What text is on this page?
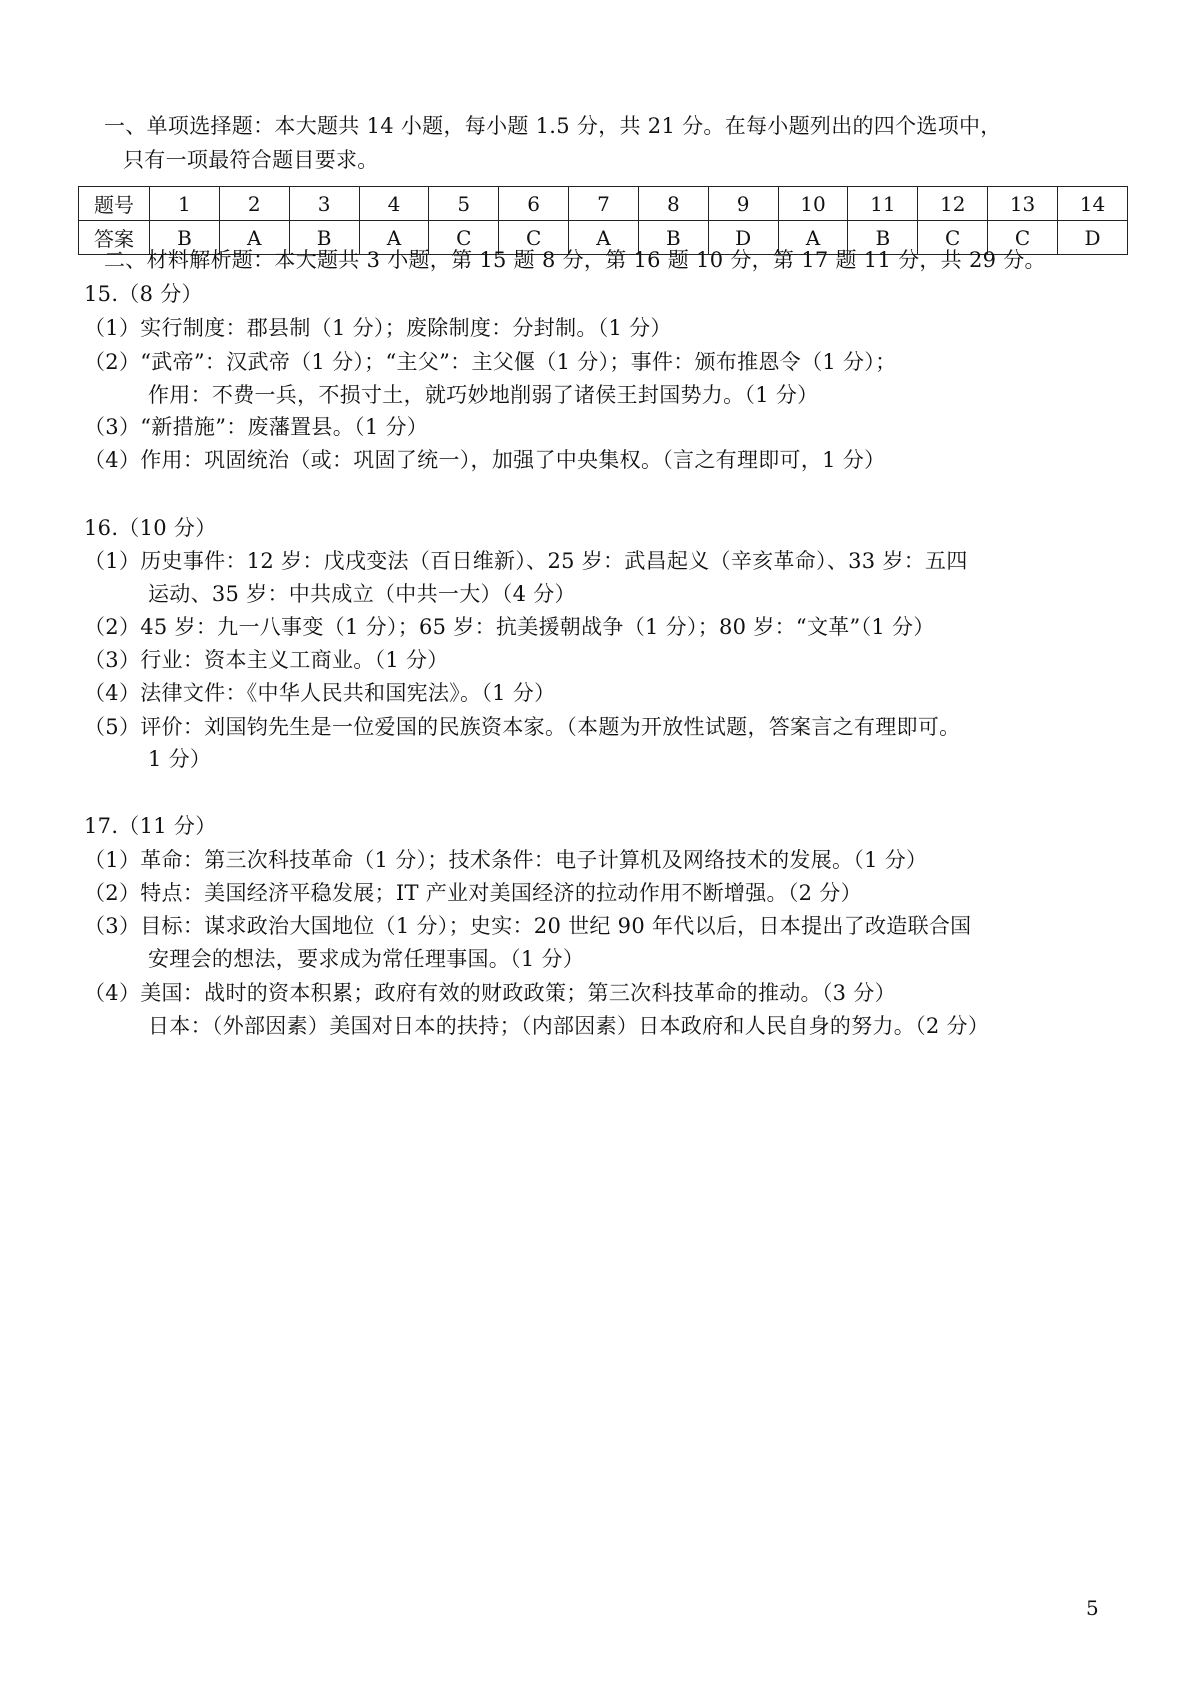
一、单项选择题：本大题共 14 小题，每小题 1.5 分，共 21 分。在每小题列出的四个选项中，
只有一项最符合题目要求。
题号	1	2	3	4	5	6	7	8	9	10	11	12	13	14
答案	B	A	B	A	C	C	A	B	D	A	B	C	C	D
二、材料解析题：本大题共 3 小题，第 15 题 8 分，第 16 题 10 分，第 17 题 11 分，共 29 分。
15.（8 分）
（1）实行制度：郡县制（1 分）；废除制度：分封制。（1 分）
（2）“武帝”：汉武帝（1 分）；“主父”：主父偃（1 分）；事件：颁布推恩令（1 分）；
作用：不费一兵，不损寸土，就巧妙地削弱了诸侯王封国势力。（1 分）
（3）“新措施”：废藩置县。（1 分）
（4）作用：巩固统治（或：巩固了统一），加强了中央集权。（言之有理即可，1 分）
16.（10 分）
（1）历史事件：12 岁：戊戌变法（百日维新）、25 岁：武昌起义（辛亥革命）、33 岁：五四
运动、35 岁：中共成立（中共一大）（4 分）
（2）45 岁：九一八事变（1 分）；65 岁：抗美援朝战争（1 分）；80 岁：“文革”（1 分）
（3）行业：资本主义工商业。（1 分）
（4）法律文件：《中华人民共和国宪法》。（1 分）
（5）评价：刘国钧先生是一位爱国的民族资本家。（本题为开放性试题，答案言之有理即可。
1 分）
17.（11 分）
（1）革命：第三次科技革命（1 分）；技术条件：电子计算机及网络技术的发展。（1 分）
（2）特点：美国经济平稳发展；IT 产业对美国经济的拉动作用不断增强。（2 分）
（3）目标：谋求政治大国地位（1 分）；史实：20 世纪 90 年代以后，日本提出了改造联合国
安理会的想法，要求成为常任理事国。（1 分）
（4）美国：战时的资本积累；政府有效的财政政策；第三次科技革命的推动。（3 分）
日本：（外部因素）美国对日本的扶持；（内部因素）日本政府和人民自身的努力。（2 分）
5
